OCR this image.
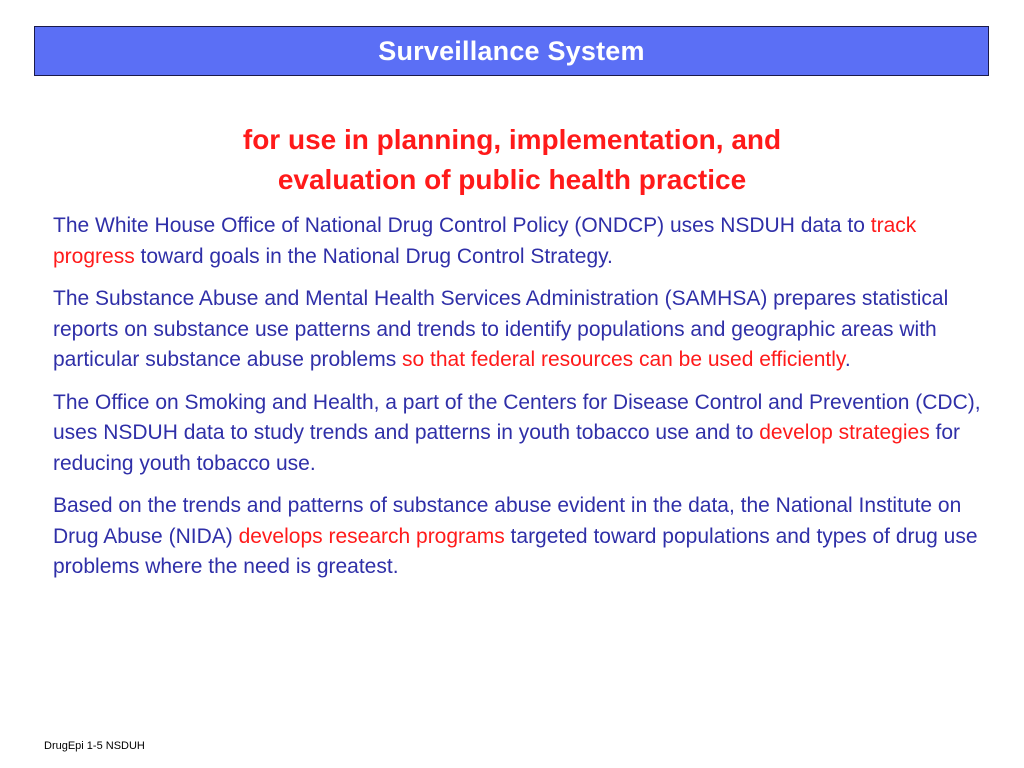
Surveillance System
for use in planning, implementation, and
evaluation of public health practice

The White House Office of National Drug Control Policy (ONDCP) uses NSDUH data to track progress toward goals in the National Drug Control Strategy.

The Substance Abuse and Mental Health Services Administration (SAMHSA) prepares statistical reports on substance use patterns and trends to identify populations and geographic areas with particular substance abuse problems so that federal resources can be used efficiently.

The Office on Smoking and Health, a part of the Centers for Disease Control and Prevention (CDC), uses NSDUH data to study trends and patterns in youth tobacco use and to develop strategies for reducing youth tobacco use.

Based on the trends and patterns of substance abuse evident in the data, the National Institute on Drug Abuse (NIDA) develops research programs targeted toward populations and types of drug use problems where the need is greatest.

DrugEpi 1-5 NSDUH
